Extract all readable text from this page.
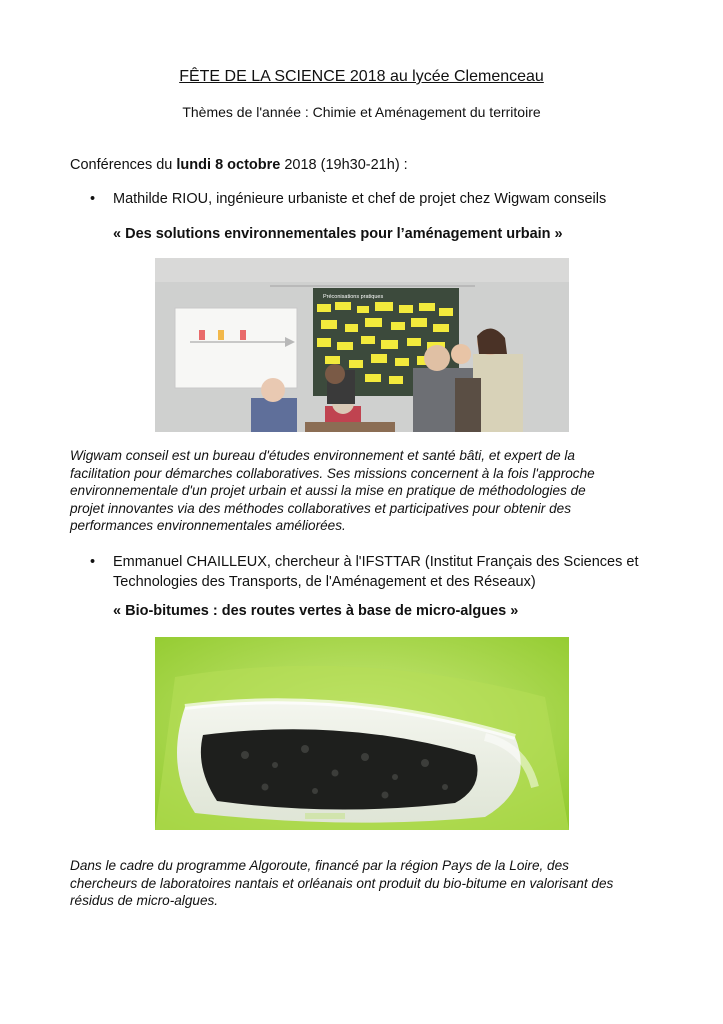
FÊTE DE LA SCIENCE 2018 au lycée Clemenceau
Thèmes de l'année : Chimie et Aménagement du territoire
Conférences du lundi 8 octobre 2018 (19h30-21h) :
• Mathilde RIOU, ingénieure urbaniste et chef de projet chez Wigwam conseils
« Des solutions environnementales pour l’aménagement urbain »
Préconisations pratiques
Wigwam conseil est un bureau d'études environnement et santé bâti, et expert de la
facilitation pour démarches collaboratives. Ses missions concernent à la fois l'approche
environnementale d'un projet urbain et aussi la mise en pratique de méthodologies de
projet innovantes via des méthodes collaboratives et participatives pour obtenir des
performances environnementales améliorées.
• Emmanuel CHAILLEUX, chercheur à l'IFSTTAR (Institut Français des Sciences et
Technologies des Transports, de l'Aménagement et des Réseaux)
« Bio-bitumes : des routes vertes à base de micro-algues »
Dans le cadre du programme Algoroute, financé par la région Pays de la Loire, des
chercheurs de laboratoires nantais et orléanais ont produit du bio-bitume en valorisant des
résidus de micro-algues.
